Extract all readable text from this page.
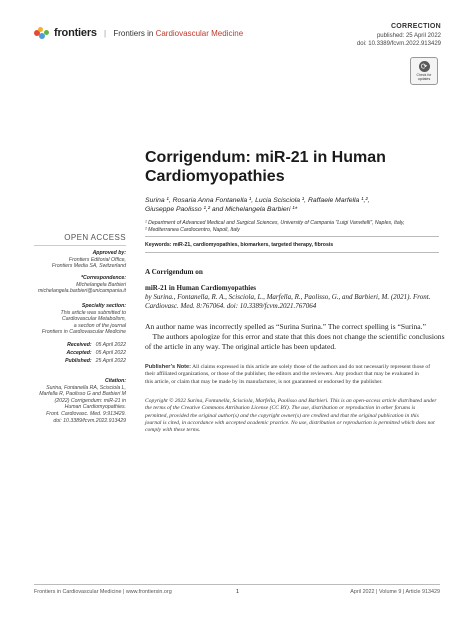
frontiers | Frontiers in Cardiovascular Medicine
CORRECTION
published: 25 April 2022
doi: 10.3389/fcvm.2022.913429
⟳
Check for updates
Corrigendum: miR-21 in Human
Cardiomyopathies
Surina ¹, Rosaria Anna Fontanella ¹, Lucia Scisciola ¹, Raffaele Marfella ¹,²,
Giuseppe Paolisso ¹,² and Michelangela Barbieri ¹*
¹ Department of Advanced Medical and Surgical Sciences, University of Campania "Luigi Vanvitelli", Naples, Italy,
² Mediterranea Cardiocentro, Napoli, Italy
Keywords: miR-21, cardiomyopathies, biomarkers, targeted therapy, fibrosis
OPEN ACCESS
Approved by:
Frontiers Editorial Office,
Frontiers Media SA, Switzerland
*Correspondence:
Michelangela Barbieri
michelangela.barbieri@unicampania.it
Specialty section:
This article was submitted to
Cardiovascular Metabolism,
a section of the journal
Frontiers in Cardiovascular Medicine
Received: 05 April 2022
Accepted: 05 April 2022
Published: 25 April 2022
Citation:
Surina, Fontanella RA, Scisciola L,
Marfella R, Paolisso G and Barbieri M
(2022) Corrigendum: miR-21 in
Human Cardiomyopathies.
Front. Cardiovasc. Med. 9:913429.
doi: 10.3389/fcvm.2022.913429
A Corrigendum on
miR-21 in Human Cardiomyopathies
by Surina., Fontanella, R. A., Scisciola, L., Marfella, R., Paolisso, G., and Barbieri, M. (2021). Front.
Cardiovasc. Med. 8:767064. doi: 10.3389/fcvm.2021.767064
An author name was incorrectly spelled as “Surina Surina.” The correct spelling is “Surina.”
The authors apologize for this error and state that this does not change the scientific conclusions
of the article in any way. The original article has been updated.
Publisher’s Note: All claims expressed in this article are solely those of the authors and do not necessarily represent those of
their affiliated organizations, or those of the publisher, the editors and the reviewers. Any product that may be evaluated in
this article, or claim that may be made by its manufacturer, is not guaranteed or endorsed by the publisher.
Copyright © 2022 Surina, Fontanella, Scisciola, Marfella, Paolisso and Barbieri. This is an open-access article distributed under
the terms of the Creative Commons Attribution License (CC BY). The use, distribution or reproduction in other forums is
permitted, provided the original author(s) and the copyright owner(s) are credited and that the original publication in this
journal is cited, in accordance with accepted academic practice. No use, distribution or reproduction is permitted which does not
comply with these terms.
Frontiers in Cardiovascular Medicine | www.frontiersin.org	1	April 2022 | Volume 9 | Article 913429
